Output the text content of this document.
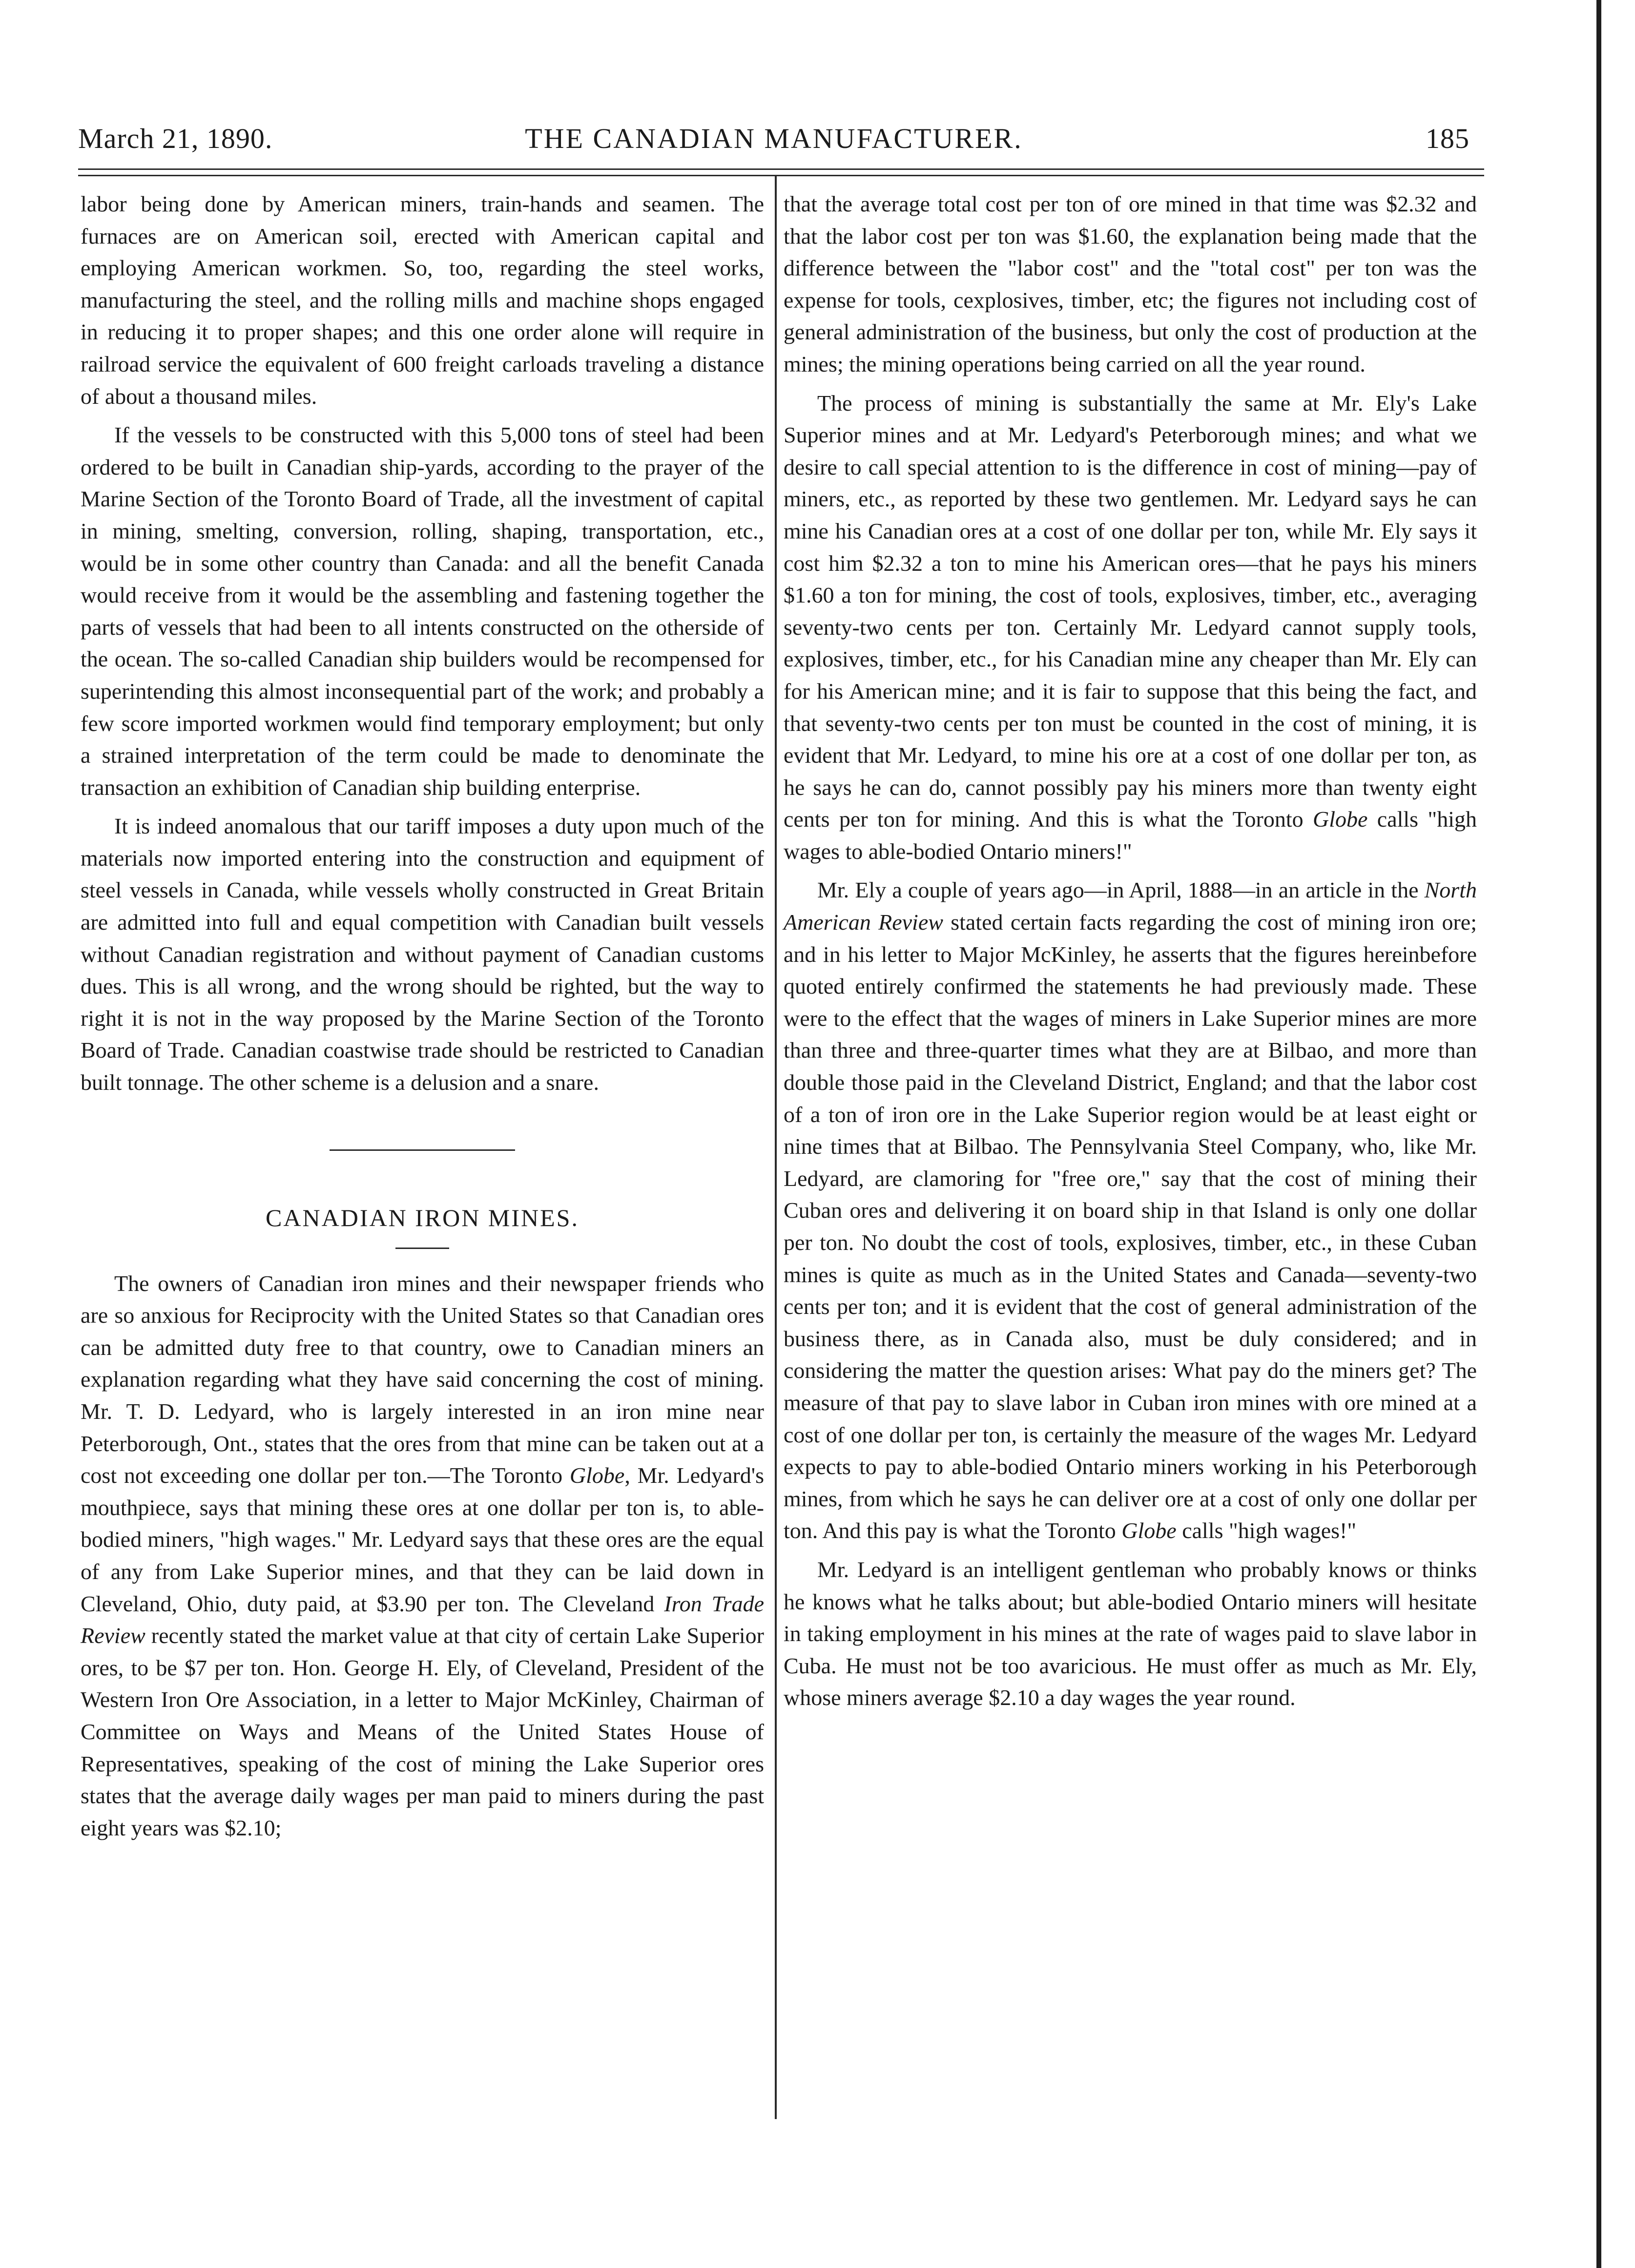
March 21, 1890.	THE CANADIAN MANUFACTURER.	185

labor being done by American miners, train-hands and seamen. The furnaces are on American soil, erected with American capital and employing American workmen. So, too, regarding the steel works, manufacturing the steel, and the rolling mills and machine shops engaged in reducing it to proper shapes; and this one order alone will require in railroad service the equivalent of 600 freight carloads traveling a distance of about a thousand miles.

If the vessels to be constructed with this 5,000 tons of steel had been ordered to be built in Canadian ship-yards, according to the prayer of the Marine Section of the Toronto Board of Trade, all the investment of capital in mining, smelting, conversion, rolling, shaping, transportation, etc., would be in some other country than Canada: and all the benefit Canada would receive from it would be the assembling and fastening together the parts of vessels that had been to all intents constructed on the otherside of the ocean. The so-called Canadian ship builders would be recompensed for superintending this almost inconsequential part of the work; and probably a few score imported workmen would find temporary employment; but only a strained interpretation of the term could be made to denominate the transaction an exhibition of Canadian ship building enterprise.

It is indeed anomalous that our tariff imposes a duty upon much of the materials now imported entering into the construction and equipment of steel vessels in Canada, while vessels wholly constructed in Great Britain are admitted into full and equal competition with Canadian built vessels without Canadian registration and without payment of Canadian customs dues. This is all wrong, and the wrong should be righted, but the way to right it is not in the way proposed by the Marine Section of the Toronto Board of Trade. Canadian coastwise trade should be restricted to Canadian built tonnage. The other scheme is a delusion and a snare.

CANADIAN IRON MINES.

The owners of Canadian iron mines and their newspaper friends who are so anxious for Reciprocity with the United States so that Canadian ores can be admitted duty free to that country, owe to Canadian miners an explanation regarding what they have said concerning the cost of mining. Mr. T. D. Ledyard, who is largely interested in an iron mine near Peterborough, Ont., states that the ores from that mine can be taken out at a cost not exceeding one dollar per ton.—The Toronto Globe, Mr. Ledyard's mouthpiece, says that mining these ores at one dollar per ton is, to able-bodied miners, "high wages." Mr. Ledyard says that these ores are the equal of any from Lake Superior mines, and that they can be laid down in Cleveland, Ohio, duty paid, at $3.90 per ton. The Cleveland Iron Trade Review recently stated the market value at that city of certain Lake Superior ores, to be $7 per ton. Hon. George H. Ely, of Cleveland, President of the Western Iron Ore Association, in a letter to Major McKinley, Chairman of Committee on Ways and Means of the United States House of Representatives, speaking of the cost of mining the Lake Superior ores states that the average daily wages per man paid to miners during the past eight years was $2.10;

that the average total cost per ton of ore mined in that time was $2.32 and that the labor cost per ton was $1.60, the explanation being made that the difference between the "labor cost" and the "total cost" per ton was the expense for tools, cexplosives, timber, etc; the figures not including cost of general administration of the business, but only the cost of production at the mines; the mining operations being carried on all the year round.

The process of mining is substantially the same at Mr. Ely's Lake Superior mines and at Mr. Ledyard's Peterborough mines; and what we desire to call special attention to is the difference in cost of mining—pay of miners, etc., as reported by these two gentlemen. Mr. Ledyard says he can mine his Canadian ores at a cost of one dollar per ton, while Mr. Ely says it cost him $2.32 a ton to mine his American ores—that he pays his miners $1.60 a ton for mining, the cost of tools, explosives, timber, etc., averaging seventy-two cents per ton. Certainly Mr. Ledyard cannot supply tools, explosives, timber, etc., for his Canadian mine any cheaper than Mr. Ely can for his American mine; and it is fair to suppose that this being the fact, and that seventy-two cents per ton must be counted in the cost of mining, it is evident that Mr. Ledyard, to mine his ore at a cost of one dollar per ton, as he says he can do, cannot possibly pay his miners more than twenty eight cents per ton for mining. And this is what the Toronto Globe calls "high wages to able-bodied Ontario miners!"

Mr. Ely a couple of years ago—in April, 1888—in an article in the North American Review stated certain facts regarding the cost of mining iron ore; and in his letter to Major McKinley, he asserts that the figures hereinbefore quoted entirely confirmed the statements he had previously made. These were to the effect that the wages of miners in Lake Superior mines are more than three and three-quarter times what they are at Bilbao, and more than double those paid in the Cleveland District, England; and that the labor cost of a ton of iron ore in the Lake Superior region would be at least eight or nine times that at Bilbao. The Pennsylvania Steel Company, who, like Mr. Ledyard, are clamoring for "free ore," say that the cost of mining their Cuban ores and delivering it on board ship in that Island is only one dollar per ton. No doubt the cost of tools, explosives, timber, etc., in these Cuban mines is quite as much as in the United States and Canada—seventy-two cents per ton; and it is evident that the cost of general administration of the business there, as in Canada also, must be duly considered; and in considering the matter the question arises: What pay do the miners get? The measure of that pay to slave labor in Cuban iron mines with ore mined at a cost of one dollar per ton, is certainly the measure of the wages Mr. Ledyard expects to pay to able-bodied Ontario miners working in his Peterborough mines, from which he says he can deliver ore at a cost of only one dollar per ton. And this pay is what the Toronto Globe calls "high wages!"

Mr. Ledyard is an intelligent gentleman who probably knows or thinks he knows what he talks about; but able-bodied Ontario miners will hesitate in taking employment in his mines at the rate of wages paid to slave labor in Cuba. He must not be too avaricious. He must offer as much as Mr. Ely, whose miners average $2.10 a day wages the year round.
